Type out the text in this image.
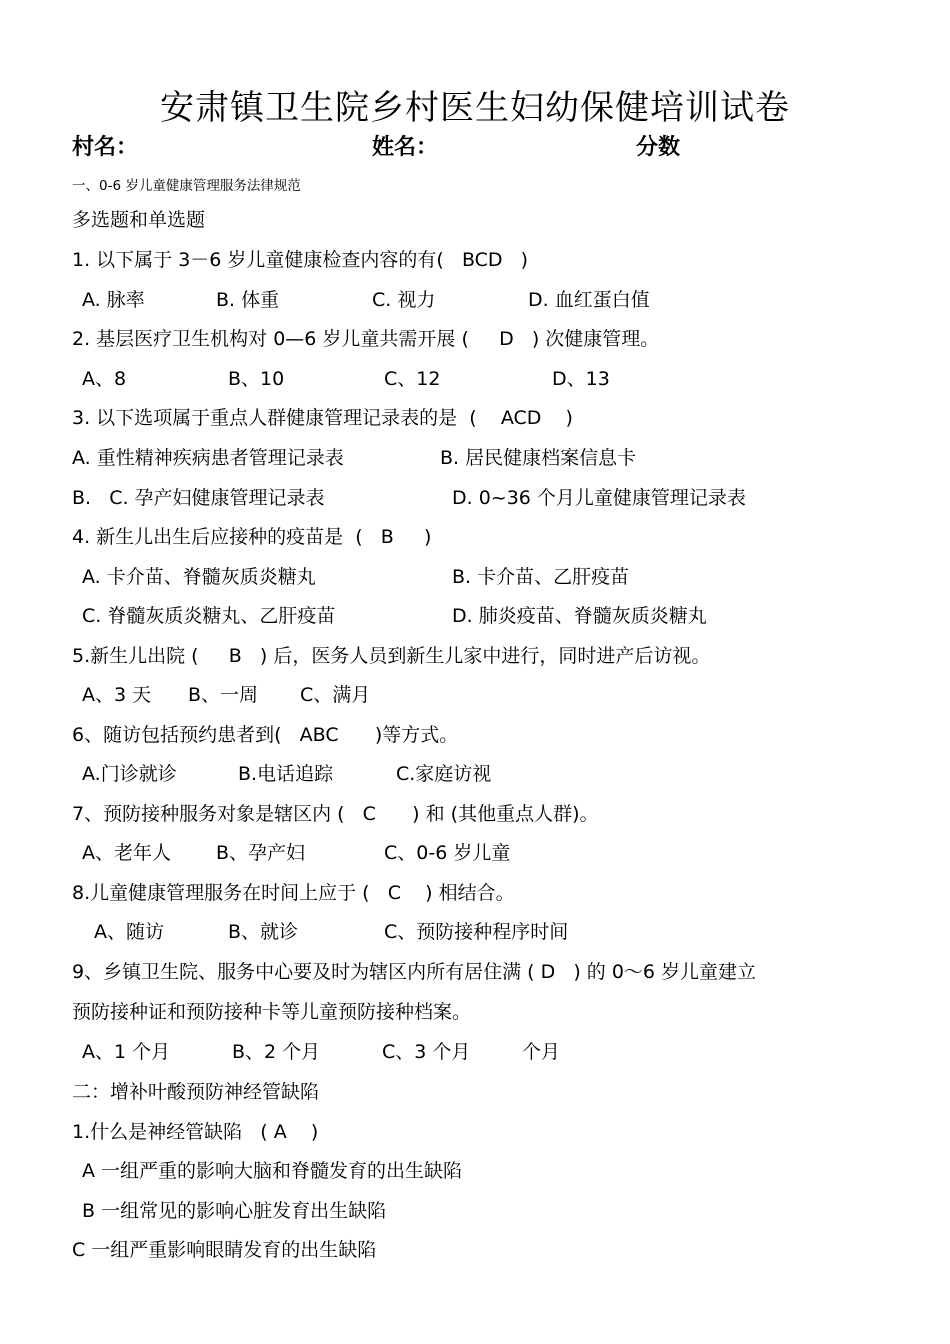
安肃镇卫生院乡村医生妇幼保健培训试卷
村名：	姓名：	分数
一、0-6 岁儿童健康管理服务法律规范
多选题和单选题
1. 以下属于 3－6 岁儿童健康检查内容的有(   BCD   )
A. 脉率	B. 体重	C. 视力	D. 血红蛋白值
2. 基层医疗卫生机构对 0—6 岁儿童共需开展 (     D   ) 次健康管理。
A、8	B、10	C、12	D、13
3. 以下选项属于重点人群健康管理记录表的是  (    ACD    )
A. 重性精神疾病患者管理记录表	B. 居民健康档案信息卡
B.   C. 孕产妇健康管理记录表	D. 0~36 个月儿童健康管理记录表
4. 新生儿出生后应接种的疫苗是  (   B     )
A. 卡介苗、脊髓灰质炎糖丸	B. 卡介苗、乙肝疫苗
C. 脊髓灰质炎糖丸、乙肝疫苗	D. 肺炎疫苗、脊髓灰质炎糖丸
5.新生儿出院 (     B   ) 后，医务人员到新生儿家中进行，同时进产后访视。
A、3 天 B、一周 C、满月
6、随访包括预约患者到(   ABC      )等方式。
A.门诊就诊	B.电话追踪	C.家庭访视
7、预防接种服务对象是辖区内 (   C      ) 和 (其他重点人群)。
A、老年人 B、孕产妇	C、0-6 岁儿童
8.儿童健康管理服务在时间上应于 (   C    ) 相结合。
A、随访	B、就诊	C、预防接种程序时间
9、乡镇卫生院、服务中心要及时为辖区内所有居住满 ( D   ) 的 0～6 岁儿童建立
预防接种证和预防接种卡等儿童预防接种档案。
A、1 个月	B、2 个月	C、3 个月	个月
二：增补叶酸预防神经管缺陷
1.什么是神经管缺陷   ( A    )
A 一组严重的影响大脑和脊髓发育的出生缺陷
B 一组常见的影响心脏发育出生缺陷
C 一组严重影响眼睛发育的出生缺陷
